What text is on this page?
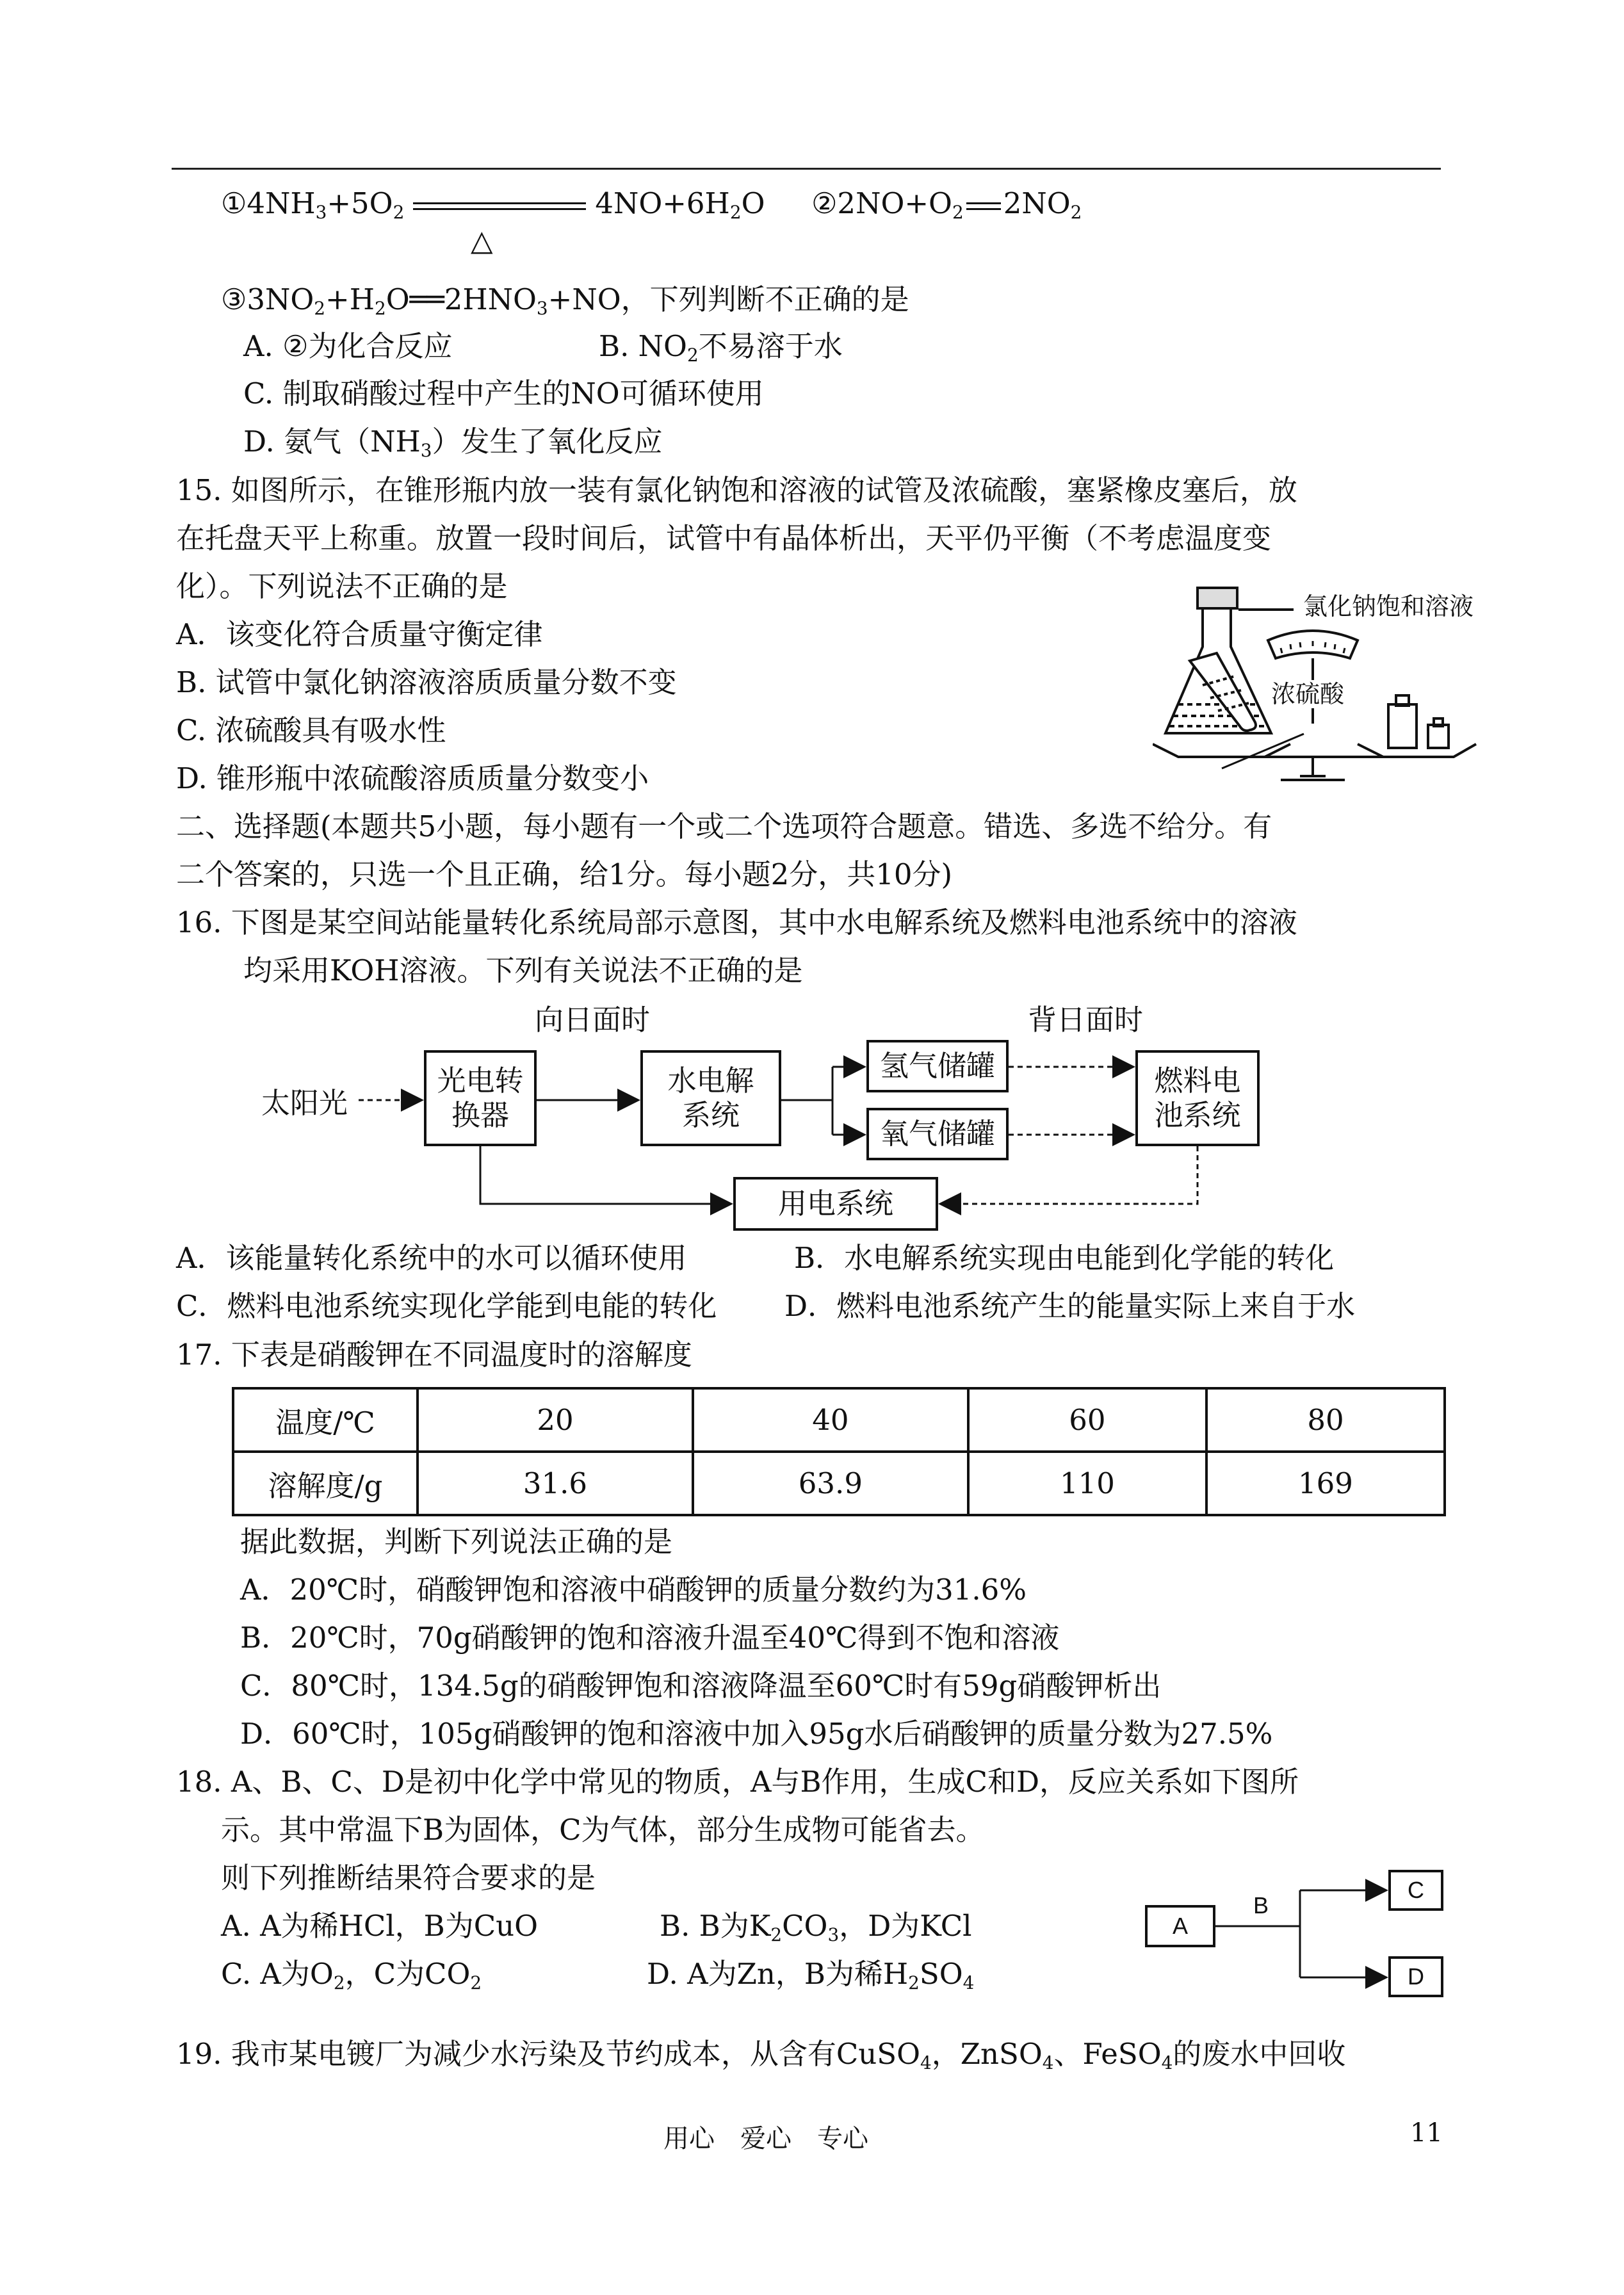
$①4NH_3+5O_2$	$4NO+6H_2O$ $②2NO+O_2$ $2NO_2$
△
$③3NO_2+H_2O══2HNO_3+NO$，下列判断不正确的是
A. ②为化合反应	B. $NO_2$不易溶于水
C. 制取硝酸过程中产生的NO可循环使用
D. 氨气$(NH_3)$发生了氧化反应
15. 如图所示，在锥形瓶内放一装有氯化钠饱和溶液的试管及浓硫酸，塞紧橡皮塞后，放
在托盘天平上称重。放置一段时间后，试管中有晶体析出，天平仍平衡（不考虑温度变
化）。下列说法不正确的是
A．该变化符合质量守衡定律
B. 试管中氯化钠溶液溶质质量分数不变
C. 浓硫酸具有吸水性
D. 锥形瓶中浓硫酸溶质质量分数变小
氯化钠饱和溶液
浓硫酸
二、选择题(本题共5小题，每小题有一个或二个选项符合题意。错选、多选不给分。有
二个答案的，只选一个且正确，给1分。每小题2分，共10分)
16. 下图是某空间站能量转化系统局部示意图，其中水电解系统及燃料电池系统中的溶液
均采用KOH溶液。下列有关说法不正确的是
向日面时	背日面时
太阳光
光电转
换器
水电解
系统
氢气储罐
氧气储罐
燃料电
池系统
用电系统
A．该能量转化系统中的水可以循环使用	B．水电解系统实现由电能到化学能的转化
C．燃料电池系统实现化学能到电能的转化 D．燃料电池系统产生的能量实际上来自于水
17. 下表是硝酸钾在不同温度时的溶解度
温度/℃	20	40	60	80
溶解度/g	31.6	63.9	110	169
据此数据，判断下列说法正确的是
A．20℃时，硝酸钾饱和溶液中硝酸钾的质量分数约为31.6%
B．20℃时，70g硝酸钾的饱和溶液升温至40℃得到不饱和溶液
C．80℃时，134.5g的硝酸钾饱和溶液降温至60℃时有59g硝酸钾析出
D．60℃时，105g硝酸钾的饱和溶液中加入95g水后硝酸钾的质量分数为27.5%
18. A、B、C、D是初中化学中常见的物质，A与B作用，生成C和D，反应关系如下图所
示。其中常温下B为固体，C为气体，部分生成物可能省去。
则下列推断结果符合要求的是
A. A为稀HCl，B为CuO	B. B为$K_2CO_3$，D为KCl
C. A为$O_2$，C为$CO_2$	D. A为Zn，B为稀$H_2SO_4$
A
C
D
B
19. 我市某电镀厂为减少水污染及节约成本，从含有CuSO$_4$，ZnSO$_4$、FeSO$_4$的废水中回收
用心　爱心　专心	11
